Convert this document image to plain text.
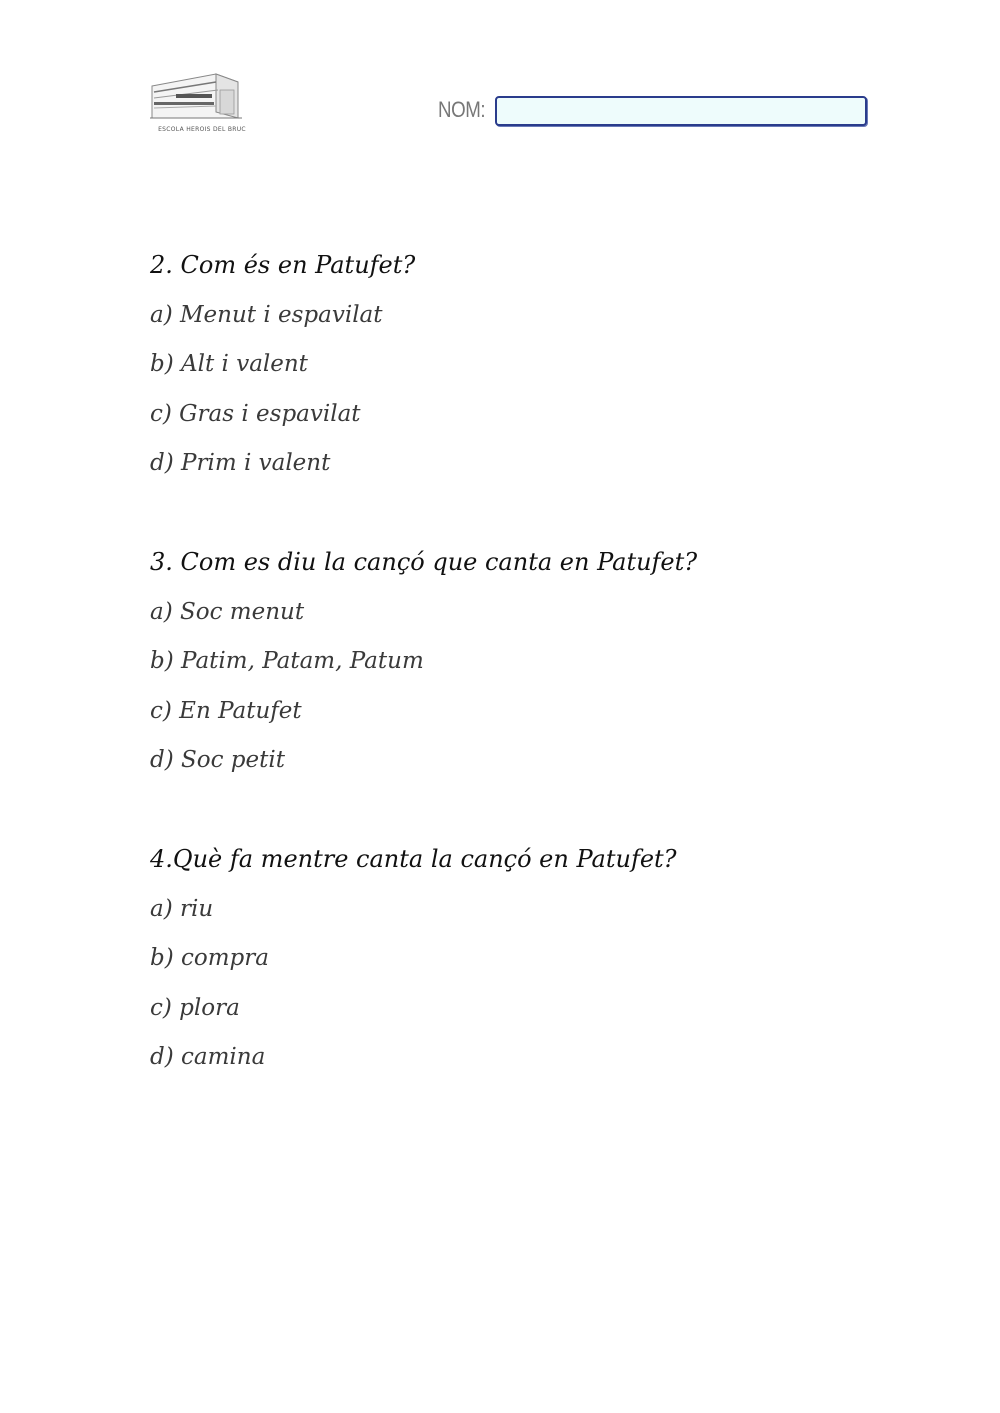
ESCOLA HEROIS DEL BRUC
NOM:
2. Com és en Patufet?
a) Menut i espavilat
b) Alt i valent
c) Gras i espavilat
d) Prim i valent
3. Com es diu la cançó que canta en Patufet?
a) Soc menut
b) Patim, Patam, Patum
c) En Patufet
d) Soc petit
4.Què fa mentre canta la cançó en Patufet?
a) riu
b) compra
c) plora
d) camina
